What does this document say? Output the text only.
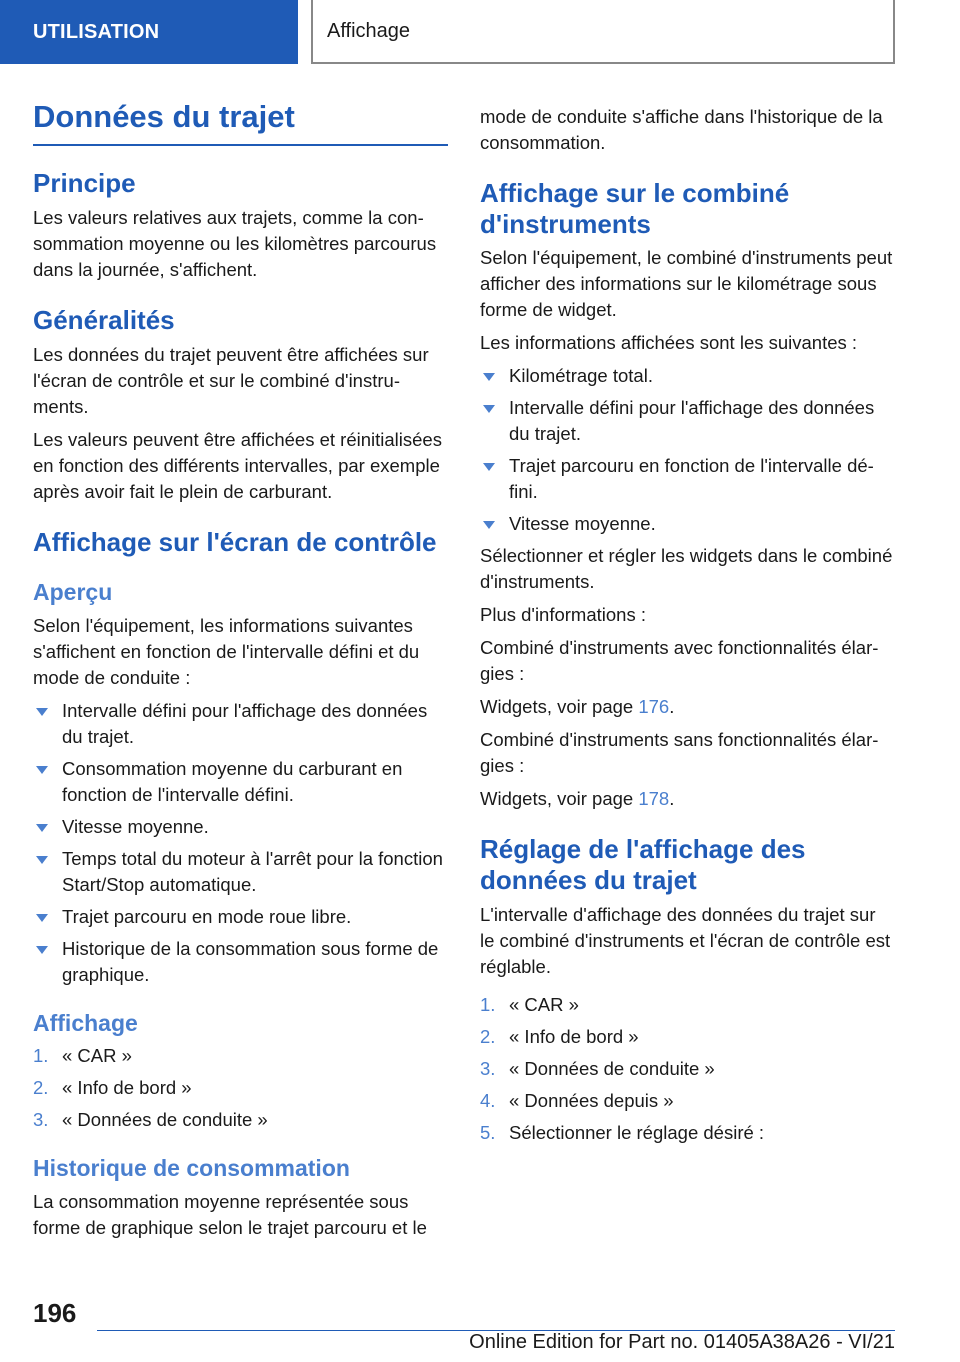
UTILISATION	Affichage
Données du trajet
Principe

Les valeurs relatives aux trajets, comme la consommation moyenne ou les kilomètres parcourus dans la journée, s'affichent.

Généralités

Les données du trajet peuvent être affichées sur l'écran de contrôle et sur le combiné d'instruments.

Les valeurs peuvent être affichées et réinitialisées en fonction des différents intervalles, par exemple après avoir fait le plein de carburant.

Affichage sur l'écran de contrôle
Aperçu

Selon l'équipement, les informations suivantes s'affichent en fonction de l'intervalle défini et du mode de conduite :

Intervalle défini pour l'affichage des données du trajet.
Consommation moyenne du carburant en fonction de l'intervalle défini.
Vitesse moyenne.
Temps total du moteur à l'arrêt pour la fonction Start/Stop automatique.
Trajet parcouru en mode roue libre.
Historique de la consommation sous forme de graphique.
Affichage
1. « CAR »
2. « Info de bord »
3. « Données de conduite »
Historique de consommation

La consommation moyenne représentée sous forme de graphique selon le trajet parcouru et le

mode de conduite s'affiche dans l'historique de la consommation.

Affichage sur le combiné d'instruments

Selon l'équipement, le combiné d'instruments peut afficher des informations sur le kilométrage sous forme de widget.

Les informations affichées sont les suivantes :

Kilométrage total.
Intervalle défini pour l'affichage des données du trajet.
Trajet parcouru en fonction de l'intervalle défini.
Vitesse moyenne.

Sélectionner et régler les widgets dans le combiné d'instruments.

Plus d'informations :

Combiné d'instruments avec fonctionnalités élargies :

Widgets, voir page 176.

Combiné d'instruments sans fonctionnalités élargies :

Widgets, voir page 178.

Réglage de l'affichage des données du trajet

L'intervalle d'affichage des données du trajet sur le combiné d'instruments et l'écran de contrôle est réglable.

1. « CAR »
2. « Info de bord »
3. « Données de conduite »
4. « Données depuis »
5. Sélectionner le réglage désiré :
196
Online Edition for Part no. 01405A38A26 - VI/21
